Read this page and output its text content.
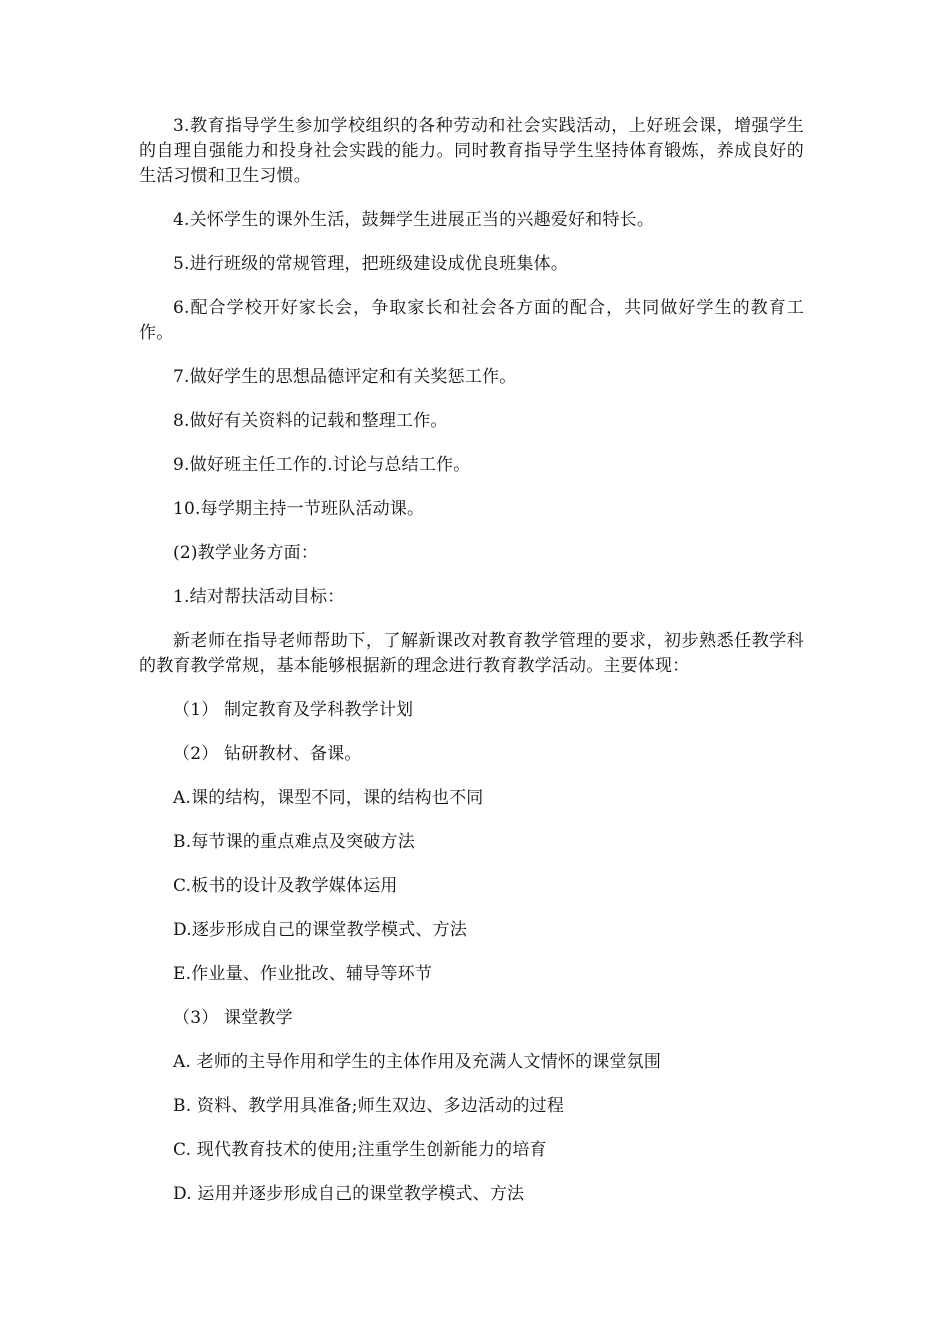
3.教育指导学生参加学校组织的各种劳动和社会实践活动，上好班会课，增强学生的自理自强能力和投身社会实践的能力。同时教育指导学生坚持体育锻炼，养成良好的生活习惯和卫生习惯。

4.关怀学生的课外生活，鼓舞学生进展正当的兴趣爱好和特长。

5.进行班级的常规管理，把班级建设成优良班集体。

6.配合学校开好家长会，争取家长和社会各方面的配合，共同做好学生的教育工作。

7.做好学生的思想品德评定和有关奖惩工作。

8.做好有关资料的记载和整理工作。

9.做好班主任工作的.讨论与总结工作。

10.每学期主持一节班队活动课。

(2)教学业务方面：

1.结对帮扶活动目标：

新老师在指导老师帮助下，了解新课改对教育教学管理的要求，初步熟悉任教学科的教育教学常规，基本能够根据新的理念进行教育教学活动。主要体现：

（1） 制定教育及学科教学计划

（2） 钻研教材、备课。

A.课的结构，课型不同，课的结构也不同

B.每节课的重点难点及突破方法

C.板书的设计及教学媒体运用

D.逐步形成自己的课堂教学模式、方法

E.作业量、作业批改、辅导等环节

（3） 课堂教学

A. 老师的主导作用和学生的主体作用及充满人文情怀的课堂氛围

B. 资料、教学用具准备;师生双边、多边活动的过程

C. 现代教育技术的使用;注重学生创新能力的培育

D. 运用并逐步形成自己的课堂教学模式、方法
